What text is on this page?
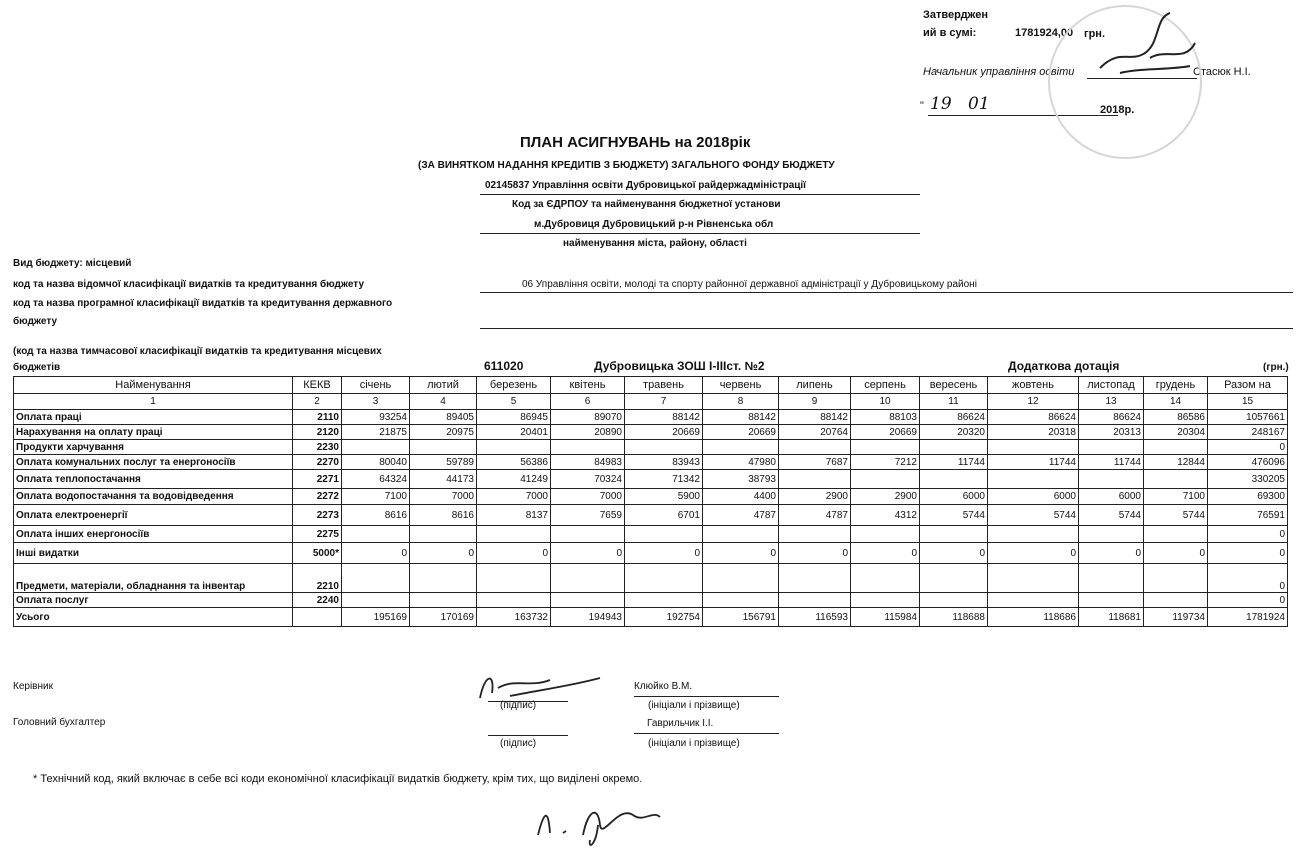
Затверджен
ий в сумі:	1781924,00 грн.
Начальник управління освіти	Стасюк Н.І.
" 19 01	2018р.
ПЛАН АСИГНУВАНЬ на 2018рік
(ЗА ВИНЯТКОМ НАДАННЯ КРЕДИТІВ З БЮДЖЕТУ) ЗАГАЛЬНОГО ФОНДУ БЮДЖЕТУ
02145837 Управління освіти Дубровицької райдержадміністрації
Код за ЄДРПОУ та найменування бюджетної установи
м.Дубровиця Дубровицький р-н Рівненська обл
найменування міста, району, області
Вид бюджету: місцевий
код та назва відомчої класифікації видатків та кредитування бюджету	06 Управління освіти, молоді та спорту районної державної адміністрації у Дубровицькому районі
код та назва програмної класифікації видатків та кредитування державного
бюджету
(код та назва тимчасової класифікації видатків та кредитування місцевих
бюджетів	611020	Дубровицька ЗОШ І-ІІІст. №2	Додаткова дотація	(грн.)
Найменування	КЕКВ	січень	лютий	березень	квітень	травень	червень	липень	серпень	вересень	жовтень	листопад	грудень	Разом на
1	2	3	4	5	6	7	8	9	10	11	12	13	14	15
Оплата праці	2110	93254	89405	86945	89070	88142	88142	88142	88103	86624	86624	86624	86586	1057661
Нарахування на оплату праці	2120	21875	20975	20401	20890	20669	20669	20764	20669	20320	20318	20313	20304	248167
Продукти харчування	2230													0
Оплата комунальних послуг та енергоносіїв	2270	80040	59789	56386	84983	83943	47980	7687	7212	11744	11744	11744	12844	476096
Оплата теплопостачання	2271	64324	44173	41249	70324	71342	38793							330205
Оплата водопостачання та водовідведення	2272	7100	7000	7000	7000	5900	4400	2900	2900	6000	6000	6000	7100	69300
Оплата електроенергії	2273	8616	8616	8137	7659	6701	4787	4787	4312	5744	5744	5744	5744	76591
Оплата інших енергоносіїв	2275													0
Інші видатки	5000*	0	0	0	0	0	0	0	0	0	0	0	0	0
Предмети, матеріали, обладнання та інвентар	2210													0
Оплата послуг	2240													0
Усього		195169	170169	163732	194943	192754	156791	116593	115984	118688	118686	118681	119734	1781924
Керівник
(підпис)
Клюйко В.М.
(ініціали і прізвище)
Головний бухгалтер
(підпис)
Гаврильчик І.І.
(ініціали і прізвище)
* Технічний код, який включає в себе всі коди економічної класифікації видатків бюджету, крім тих, що виділені окремо.
